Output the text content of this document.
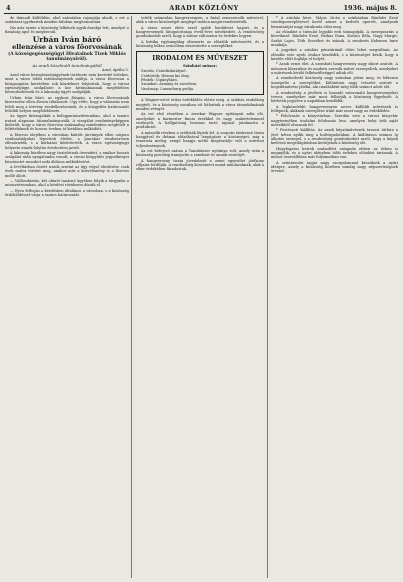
4	ARADI KÖZLÖNY	1936. május 8.

de itámadt külföldön, ahol számtalan rajongója akadt, s ezt a szinházat igyekeztek minden faluban meghonositani.

Ma már szinte a közönség lelkének egyik darabja lett, amelyet a fiatalság ápol és megbecsül.

Urbán Iván báró

ellenzése a város főorvosának

(A községegészségügyi Hivatalnok Tizek Miklós tanulmányairól).

Az aradi közelmúlt tanulmányából

Arad, április 5.

Arad város közegészségügyének története nem kevésbé érdekes, mint a város többi intézményeinek múltja. A város főorvosai a közigazgatás keretében sok küzdelmet folytattak, hogy a városi egészségügyi szolgálatot a kor kivánalmainak megfelelően berendezhessék és a lakosság ügyét szolgálják.

Urbán Iván báró, az egykori főispán, a város főorvosának kinevezése ellen élesen tiltakozott. Úgy vélte, hogy a választás nem felelt meg a törvény rendelkezéseinek, és a közgyülés határozatát felsőbb helyen megfelebbezte.

Az ügyet kivizsgálták a belügyminisztériumban, ahol a tanács iratait alaposan áttanulmányozták. A vizsgálat eredményeképpen kiderült, hogy a város főorvosa szakmailag mindenben megfelelt a feltételeknek és hosszu éveken át kiválóan működött.

A főorvos idejében a városban kiütött járványok ellen szigoru rendszabályokat léptettek életbe, a piacokat rendszeresen ellenőrizték, s a kórházat kibővitették. A város egészségügyi helyzete ennek folytán érezhetően javult.

A lakosság körében nagy tiszteletnek örvendett, s amikor hosszú szolgálat után nyugalomba vonult, a városi közgyülés jegyzőkönyvi köszönetet mondott neki áldásos működéséért.

A levéltárban őrzött iratok szerint az ügy végső elintézése csak évek mulva történt meg, amikor már a közvélemény is a főorvos mellé állott.

— Vallásoktatás, két oktató tanárnő ügyében folyik a tárgyalás a minisztériumban, ahol a kérdést rövidesen döntik el.

— Ilyen felfogás a kérdésben általános a városban, s a közönség érdeklődéssel várja a tanács határozatát.

tették számtalan hangversenyen, a fiatal zeneszerzők műveivel, akik a város közönségét meglepő módon megörvendeztették.

A város zenei élete ezzel ujabb lendületet kapott, és a hangversenyek látogatottsága évről-évre növekedett. A rendezőség gondoskodott arról, hogy a műsor változatos és érdekes legyen.

A kritika egyhangúlag elismerte az előadók művészetét, és a közönség lelkes ovációban részesitette a szereplőket.

IRODALOM ÉS MŰVÉSZET

Színházi műsor:

Szerda: Csárdáskirálynő.

Csütörtök: Három kis lány.

Péntek: Cigánybáró.

Szombat: Ármány és szerelem.

Vasárnap: Luxemburg grófja.

A Wagner-estet óriási érdeklődés előzte meg. A színház zsufolásig megtelt, és a közönség soraiban ott láthattuk a város társadalmának minden rétegét.

Az est első részében a zenekar Wagner nyitányait adta elő, amelyeket a karmester finom érzékkel és nagy szakértelemmel vezényelt. A hallgatóság hosszan tartó tapssal jutalmazta a produkciót.

A második részben a szólisták léptek fel. A szoprán énekesnő tiszta hangjával és drámai előadásával lenyűgözte a közönséget, mig a tenorista meleg, zengő hangja méltó kiegészitője volt a művészi teljesitménynek.

Az est befejező száma a Tannhäuser nyitánya volt, amely után a közönség percekig ünnepelte a zenekart és annak vezetőjét.

A hangverseny tiszta jövedelmét a zenei egyesület jótékony céljaira fordítják. A rendezőség köszönetet mond mindazoknak, akik a siker érdekében fáradoztak.

* A színház hírei. Május 26-án a színházban Bánfalvi Ernő vendégszereplésével kerül szinre a kedvelt operett, amelynek bemutatóját nagy várakozás előzi meg.

Az előadást a társulat legjobb erői támogatják. A szereposztás a következő: Bánfalvi Ernő, Farkas Ilona, Kovács Béla, Nagy Margit, Szabó Lajos, Tóth Erzsébet és mások. A rendezés Kelemen Imre munkája.

A jegyeket a színház pénztáránál előre lehet megváltani. Az előadás este nyolc órakor kezdődik, s a közönséget kérik, hogy a kezdés előtt foglalja el helyét.

* Aradi zenei élet. A szombati hangverseny nagy sikert aratott. A műsoron klasszikus és modern szerzők művei szerepeltek, amelyeket a művészek kiváló felkészültséggel adtak elő.

A zenekedvelő közönség nagy számban jelent meg, és lelkesen ünnepelte a szereplőket. Különösen nagy tetszést aratott a hegedűművész játéka, aki ráadásként még több számot adott elő.

A rendezőség a jövőben is hasonló színvonalú hangversenyeket tervez, amelyekre már most felhivják a közönség figyelmét. A bérletek jegyzése a napokban kezdődik.

A legközelebbi hangversenyen neves külföldi művészek is fellépnek, akiknek szereplése iránt már most nagy az érdeklődés.

* Felolvasás a könyvtárban. Szerdán este a városi könyvtár nagytermében irodalmi felolvasás lesz, amelyen helyi írók saját műveikből olvasnak fel.

* Festészeti kiállítás. Az aradi képzőművészek tavaszi tárlata a jövő héten nyílik meg a kultúrpalotában. A kiállitáson számos új alkotás szerepel, s a rendezőség gondoskodott arról, hogy a képek kedvező megvilágításban kerüljenek a közönség elé.

Hegyfogatos kertek szabadtéri színpada ebben az évben is megnyílik, és a nyári idényben több érdekes előadást tartanak. A műsor összeállítása már folyamatban van.

A színtársulat tagjai nagy szorgalommal készülnek a nyári idényre, amely a közönség körében mindig nagy népszerűségnek örvend.
